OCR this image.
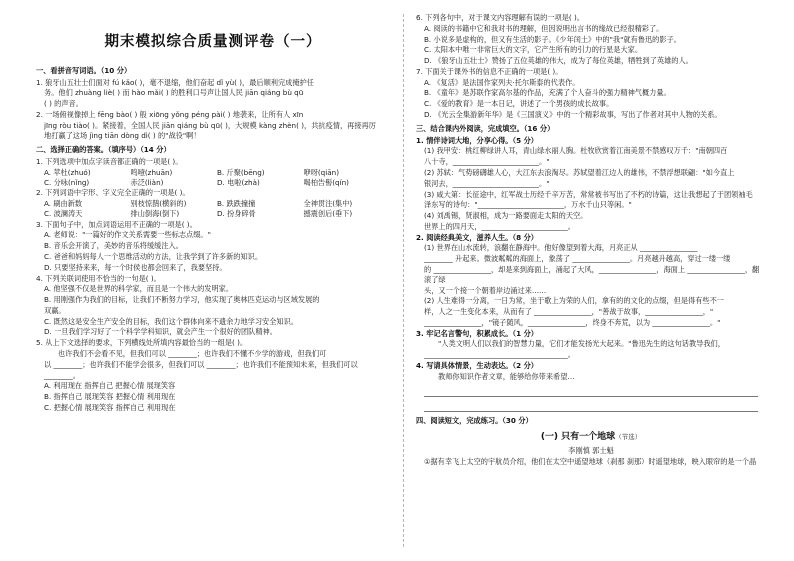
期末模拟综合质量测评卷（一）
一、看拼音写词语。（10 分）
1. 狼牙山五壮士们面对 fú kǎo( )，毫不退缩，他们奋起 dǐ yù( )，最后顺利完成掩护任
务。他们 zhuàng liè( ) 而 hào mǎi( ) 的胜利口号声让国人民 jiān qiáng bù qū
( ) 的声音。
2. 一场俯视像掉上 fēng bào( ) 般 xiōng yǒng péng pài( ) 地袭来，让所有人 xīn
jīng ròu tiào( )。紧接着，全国人民 jiān qiáng bù qū( )，大规模 kàng zhèn( )，共抗疫情，再接再厉
地打赢了这场 jìng tiān dòng dì( ) 的"战役"啊！
二、选择正确的答案。（填序号）（14 分）
1. 下列选项中加点字读音都正确的一项是( )。
A. 苹杜(zhuó)	鸣噎(zhuān)	B. 斤聚(bēng)	咿呀(qiān)
C. 分咏(nǐng)	赤泛(liàn)	D. 电啦(zhà)	喝柏告髻(qín)
2. 下列词语中字形、字义完全正确的一项是( )。
A. 刷由新数	别枝惊鹊(横斜的)	B. 跌跌撞撞	全神贯注(集中)
C. 波澜涛天	排山倒海(倒下)	D. 扮身碎骨	撼震创后(垂下)
3. 下面句子中，加点词语运用不正确的一项是( )。
A. 老师说："一篇好的作文关系需要一些标志点缀。"
B. 音乐会开演了，美妙的音乐将缓缓注入。
C. 爸爸和妈妈每人一个思维活动的方法，让我学到了许多新的知识。
D. 只要坚持来来，每一个时侯也都会回来了，我要坚持。
4. 下列关联词使用不恰当的一句是( )。
A. 他坚强不仅是世界的科学家，而且是一个伟大的发明家。
B. 用刚强作为我们的目标，让我们不断努力学习，他实现了奥林匹克运动与区域发展的
双赢。
C. 既然这是安全生产安全的目标，我们这个群体向来不遗余力地学习安全知识。
D. 一旦我们学习好了一个科学学科知识，就会产生一个很好的团队精神。
5. 从上下文选择的要求，下列横线处所填内容最恰当的一组是( )。
也许我们不会看不见，但我们可以 ________；也许我们不懂不少学的游戏，但我们可
以 ________；也许我们不能学会很多，但我们可以 ________；也许我们不能预知未来，但我们可以
________。
A. 利用现在 指挥自己 把握心情 展现笑容
B. 指挥自己 展现笑容 把握心情 利用现在
C. 把握心情 展现笑容 指挥自己 利用现在
6. 下列各句中，对于课文内容理解有误的一项是( )。
A. 阅读的书籍中它和我对书的理解，但因说明出言书的缘故已经很精彩了。
B. 小说多是虚构的，但又有生活的影子。《少年闰土》中的"我"就有鲁迅的影子。
C. 太阳本中唯一非常巨大的文字，它产生所有的引力的行星是大家。
D. 《狼牙山五壮士》赞扬了五位英雄的伟大，成为了每位英雄，牺牲到了英雄的人。
7. 下面关于课外书的信息不正确的一项是( )。
A. 《复活》是法国作家列夫·托尔斯泰的代表作。
B. 《童年》是苏联作家高尔基的作品，充满了个人奋斗的强力精神气概力量。
C. 《爱的教育》是一本日记，讲述了一个男孩的成长故事。
D. 《光云全集游新年华》是《三国演义》中的一个精彩故事，写出了作者对其中人物的关系。
三、结合课内外阅读，完成填空。（16 分）
1. 情伴诗词大地，分享心得。（5 分）
(1) 我甲安：桃红柳绿讲人耳，青山绿水丽人胸。杜牧欣赏着江南美景不禁感叹万千："南朝四百
八十寺，________________________。"
(2) 苏轼：气势磅礴雄人心，大江东去浪淘尽。苏轼望着江边人的雄伟，不禁浮想联翩："如今直上
银河去，________________________。"
(3) 咸大第：长征途中，红军战士历经千辛万苦，常常被书写出了不朽的诗篇，这让我想起了于团领袖毛
泽东写的诗句："________________________，万水千山只等闲。"
(4) 刘禹锡，贤淑相，成为一路要面走太阳的天空。
世界上的四月天，________________________。
2. 阅读经典美文，滋养人生。（8 分）
(1) 世界在山水流转，浪翻在静海中。他好像望到着大海，月亮正从 ________________
________ 升起来。微波粼粼的海面上，象荡了 ________________。月亮越升越高，穿过一缕一缕
的 ________________，却是来到海面上，涌起了大风，________________，海面上 ________________，翻滚了绿
头，又一个接一个朝着岸边涌过来……
(2) 人生难得一分离，一日为常，坐于歌上为荣的人们，拿有的的文化的点缀，但是得有些不一
样，人之一生变化本来，从而有了 ________________，"善战于故事，________________，"
________________，"镜子随风，________________，终身不奔荒，以为 ________________。"
3. 牢记名言警句，积累成长。（1 分）
"人类文明人们以我们的智慧力量，它们才能发扬光大起来。"鲁迅先生的这句话教导我们，
________________________________________。
4. 写请具体情景，生动表达。（2 分）
教师你知识作者文章，能够给你带来希望…
四、阅读短文，完成练习。（30 分）
(一) 只有一个地球（节选）
李刚慎 郭士魁
①据有幸飞上太空的宇航员介绍，他们在太空中遥望地球（刹那 刹那）时遥望地球，映入眼帘的是一个晶
